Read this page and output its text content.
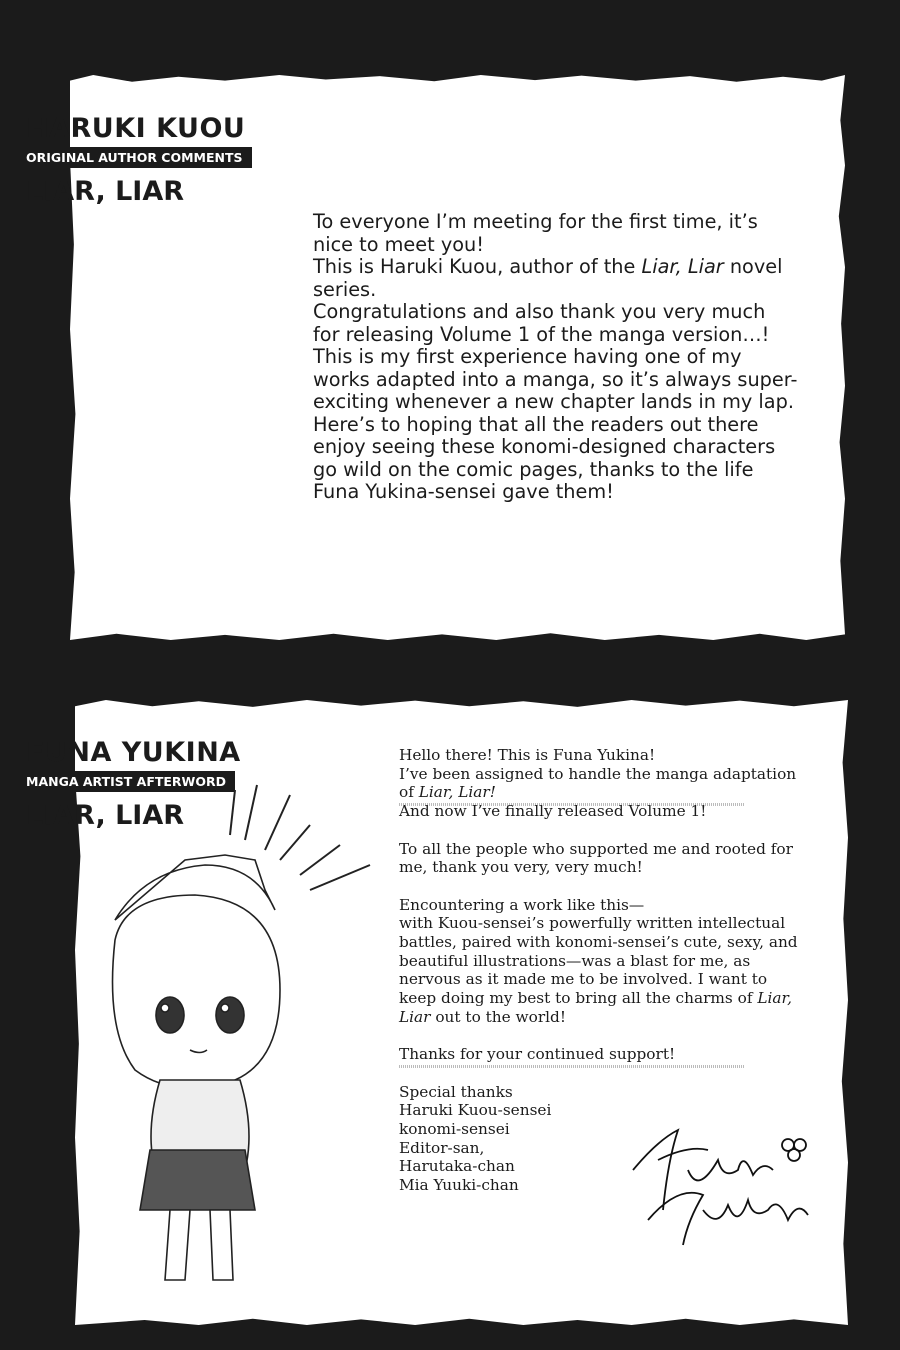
HARUKI KUOU
ORIGINAL AUTHOR COMMENTS
LIAR, LIAR
To everyone I’m meeting for the first time, it’s
nice to meet you!
This is Haruki Kuou, author of the Liar, Liar novel
series.
Congratulations and also thank you very much
for releasing Volume 1 of the manga version…!
This is my first experience having one of my
works adapted into a manga, so it’s always super-
exciting whenever a new chapter lands in my lap.
Here’s to hoping that all the readers out there
enjoy seeing these konomi-designed characters
go wild on the comic pages, thanks to the life
Funa Yukina-sensei gave them!
FUNA YUKINA
MANGA ARTIST AFTERWORD
LIAR, LIAR
Hello there! This is Funa Yukina!
I’ve been assigned to handle the manga adaptation
of Liar, Liar!
And now I’ve finally released Volume 1!
To all the people who supported me and rooted for
me, thank you very, very much!
Encountering a work like this—
with Kuou-sensei’s powerfully written intellectual
battles, paired with konomi-sensei’s cute, sexy, and
beautiful illustrations—was a blast for me, as
nervous as it made me to be involved. I want to
keep doing my best to bring all the charms of Liar,
Liar out to the world!
Thanks for your continued support!
Special thanks
Haruki Kuou-sensei
konomi-sensei
Editor-san,
Harutaka-chan
Mia Yuuki-chan
